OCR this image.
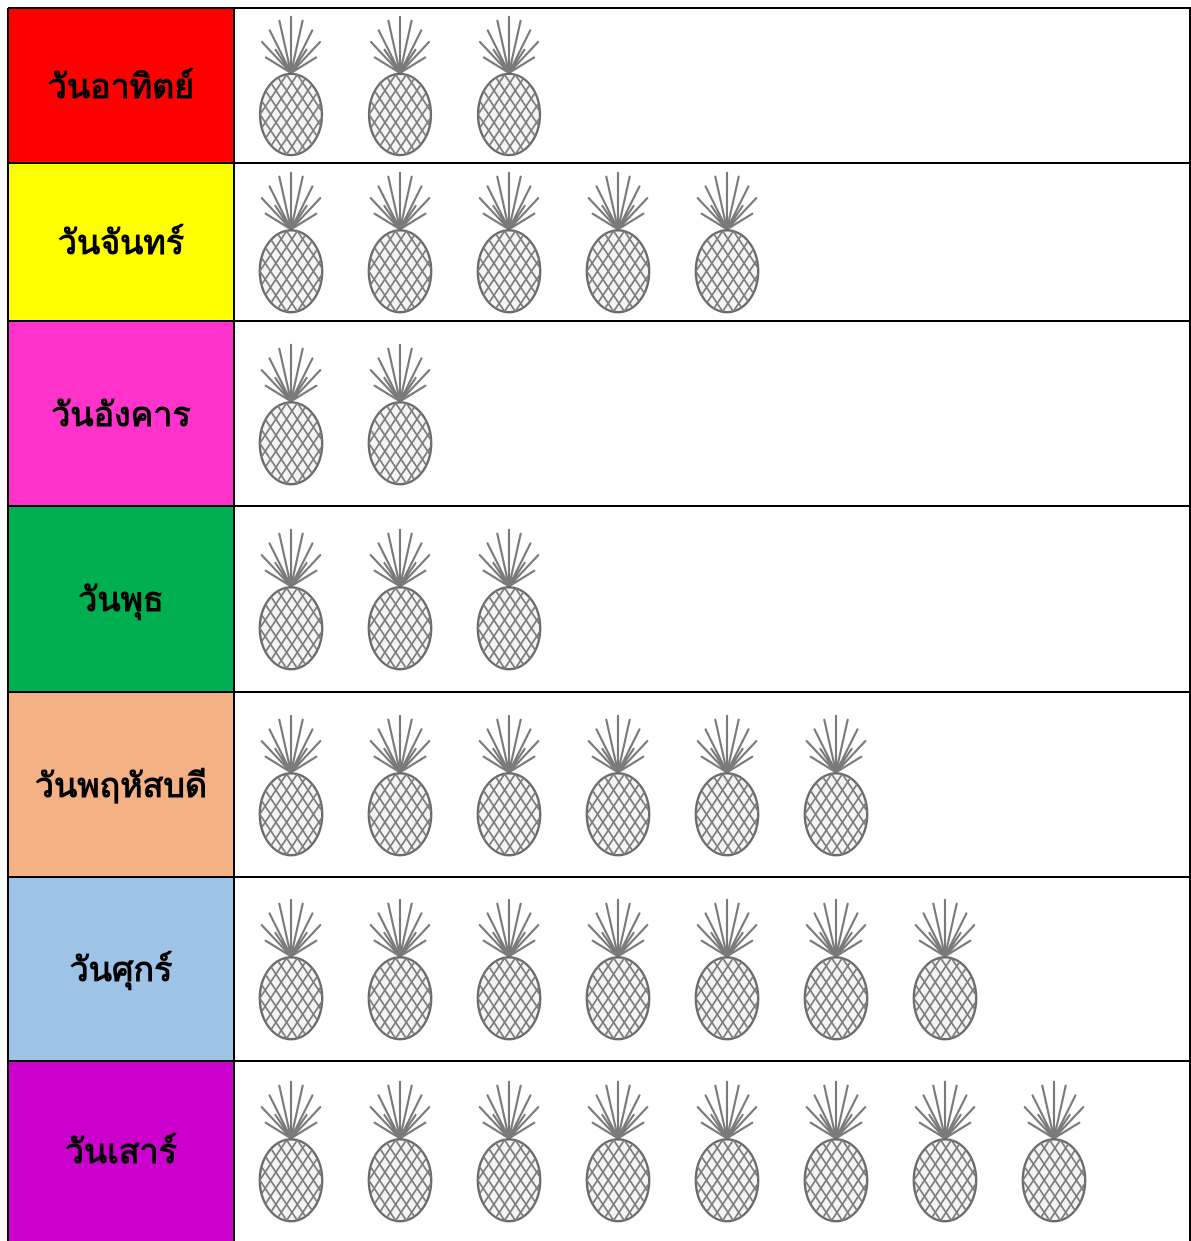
วันอาทิตย์
วันจันทร์
วันอังคาร
วันพุธ
วันพฤหัสบดี
วันศุกร์
วันเสาร์
